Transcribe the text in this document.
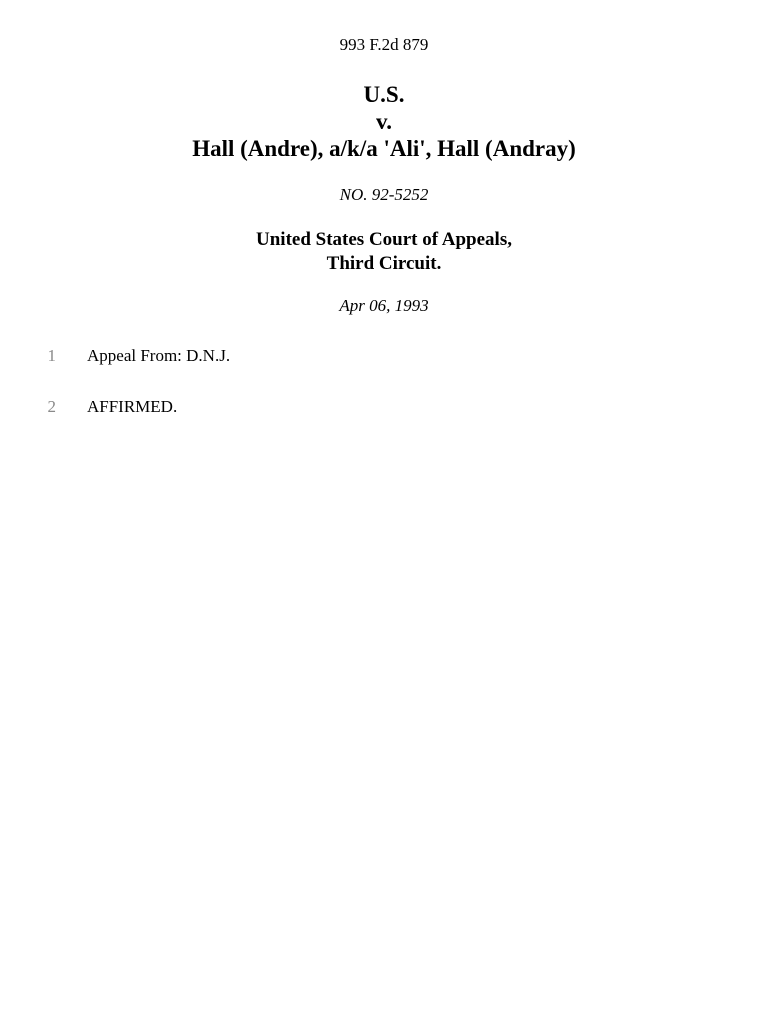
993 F.2d 879
U.S.
v.
Hall (Andre), a/k/a 'Ali', Hall (Andray)
NO. 92-5252
United States Court of Appeals,
Third Circuit.
Apr 06, 1993
1 Appeal From: D.N.J.
2 AFFIRMED.
